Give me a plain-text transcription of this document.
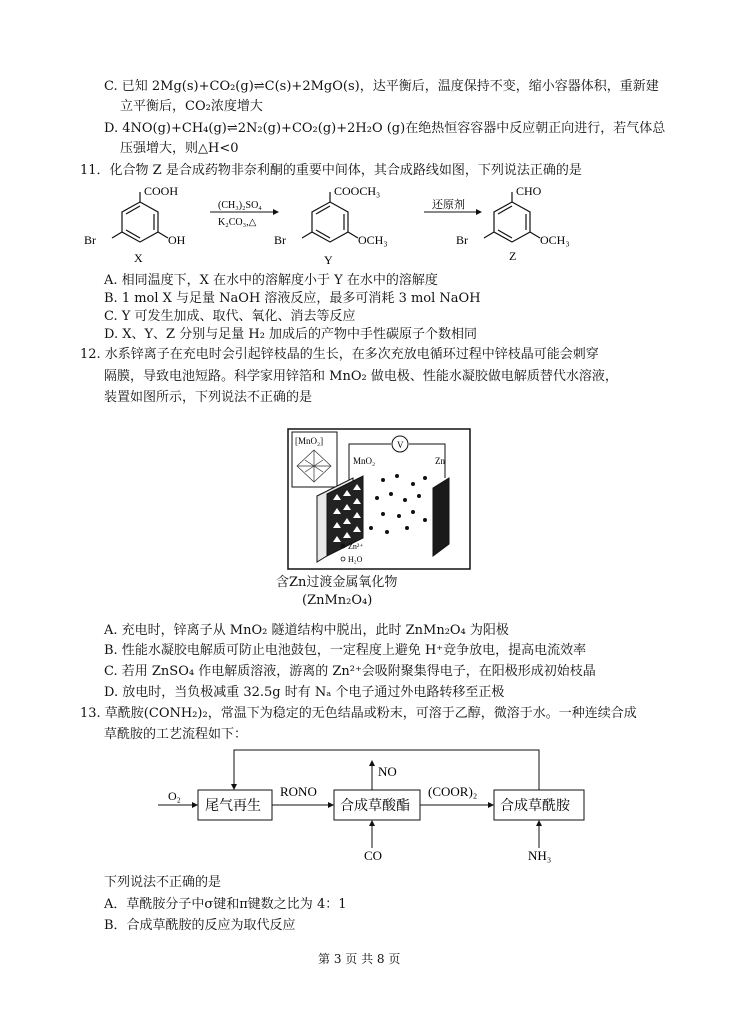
C. 已知 2Mg(s)+CO₂(g)⇌C(s)+2MgO(s)，达平衡后，温度保持不变，缩小容器体积，重新建
立平衡后，CO₂浓度增大
D. 4NO(g)+CH₄(g)⇌2N₂(g)+CO₂(g)+2H₂O (g)在绝热恒容容器中反应朝正向进行，若气体总
压强增大，则△H<0
11．化合物 Z 是合成药物非奈利酮的重要中间体，其合成路线如图，下列说法正确的是
COOH
OH
Br
X
(CH₃)₂SO₄
K₂CO₃,△
COOCH₃
OCH₃
Br
Y
还原剂
CHO
OCH₃
Br
Z
A. 相同温度下，X 在水中的溶解度小于 Y 在水中的溶解度
B. 1 mol X 与足量 NaOH 溶液反应，最多可消耗 3 mol NaOH
C. Y 可发生加成、取代、氧化、消去等反应
D. X、Y、Z 分别与足量 H₂ 加成后的产物中手性碳原子个数相同
12. 水系锌离子在充电时会引起锌枝晶的生长，在多次充放电循环过程中锌枝晶可能会刺穿
隔膜，导致电池短路。科学家用锌箔和 MnO₂ 做电极、性能水凝胶做电解质替代水溶液，
装置如图所示，下列说法不正确的是
[MnO₂]	V
MnO₂	Zn
Zn²⁺
H₂O
含Zn过渡金属氧化物
(ZnMn₂O₄)
A. 充电时，锌离子从 MnO₂ 隧道结构中脱出，此时 ZnMn₂O₄ 为阳极
B. 性能水凝胶电解质可防止电池鼓包，一定程度上避免 H⁺竞争放电，提高电流效率
C. 若用 ZnSO₄ 作电解质溶液，游离的 Zn²⁺会吸附聚集得电子，在阳极形成初始枝晶
D. 放电时，当负极减重 32.5g 时有 Nₐ 个电子通过外电路转移至正极
13. 草酰胺(CONH₂)₂，常温下为稳定的无色结晶或粉末，可溶于乙醇，微溶于水。一种连续合成
草酰胺的工艺流程如下：
O₂
尾气再生
RONO
合成草酸酯
NO
(COOR)₂
合成草酰胺
CO	NH₃
下列说法不正确的是
A．草酰胺分子中σ键和π键数之比为 4：1
B．合成草酰胺的反应为取代反应
第 3 页 共 8 页
